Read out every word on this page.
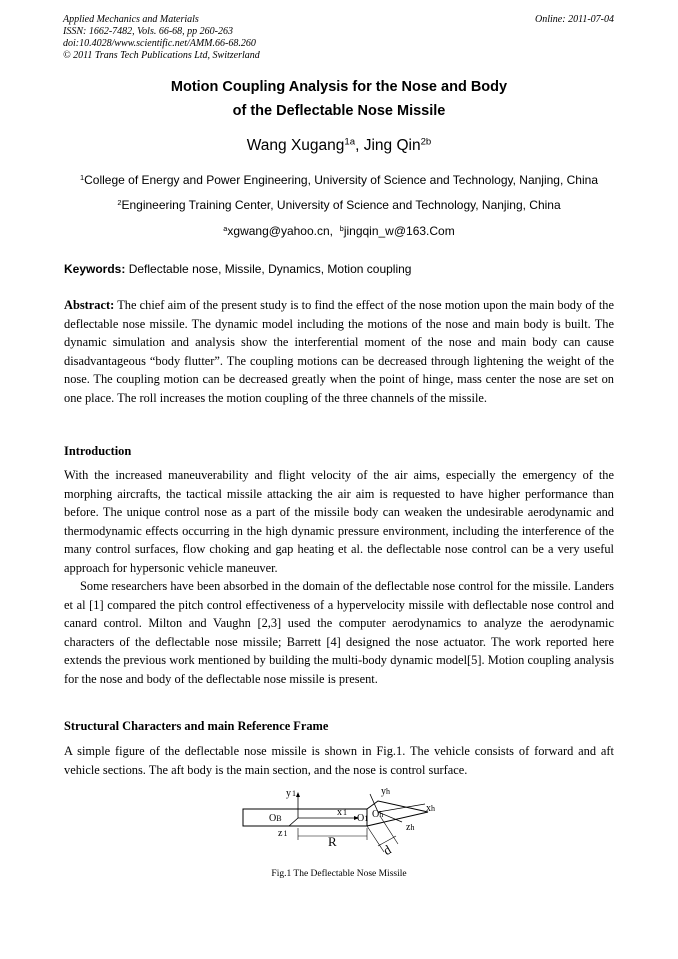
Applied Mechanics and Materials
ISSN: 1662-7482, Vols. 66-68, pp 260-263
doi:10.4028/www.scientific.net/AMM.66-68.260
© 2011 Trans Tech Publications Ltd, Switzerland
Online: 2011-07-04
Motion Coupling Analysis for the Nose and Body
of the Deflectable Nose Missile
Wang Xugang$^{1a}$, Jing Qin$^{2b}$
$^1$College of Energy and Power Engineering, University of Science and Technology, Nanjing, China
$^2$Engineering Training Center, University of Science and Technology, Nanjing, China
$^a$xgwang@yahoo.cn,  $^b$jingqin_w@163.Com
Keywords: Deflectable nose, Missile, Dynamics, Motion coupling

Abstract: The chief aim of the present study is to find the effect of the nose motion upon the main body of the deflectable nose missile. The dynamic model including the motions of the nose and main body is built. The dynamic simulation and analysis show the interferential moment of the nose and main body can cause disadvantageous “body flutter”. The coupling motions can be decreased through lightening the weight of the nose. The coupling motion can be decreased greatly when the point of hinge, mass center the nose are set on one place. The roll increases the motion coupling of the three channels of the missile.

Introduction

With the increased maneuverability and flight velocity of the air aims, especially the emergency of the morphing aircrafts, the tactical missile attacking the air aim is requested to have higher performance than before. The unique control nose as a part of the missile body can weaken the undesirable aerodynamic and thermodynamic effects occurring in the high dynamic pressure environment, including the interference of the many control surfaces, flow choking and gap heating et al. the deflectable nose control can be a very useful approach for hypersonic vehicle maneuver.

Some researchers have been absorbed in the domain of the deflectable nose control for the missile. Landers et al [1] compared the pitch control effectiveness of a hypervelocity missile with deflectable nose control and canard control. Milton and Vaughn [2,3] used the computer aerodynamics to analyze the aerodynamic characters of the deflectable nose missile; Barrett [4] designed the nose actuator. The work reported here extends the previous work mentioned by building the multi-body dynamic model[5]. Motion coupling analysis for the nose and body of the deflectable nose missile is present.

Structural Characters and main Reference Frame

A simple figure of the deflectable nose missile is shown in Fig.1. The vehicle consists of forward and aft vehicle sections. The aft body is the main section, and the nose is control surface.

y1
OB
x1
O1 Oh
z1
yh
xh
zh
R
d
Fig.1 The Deflectable Nose Missile
